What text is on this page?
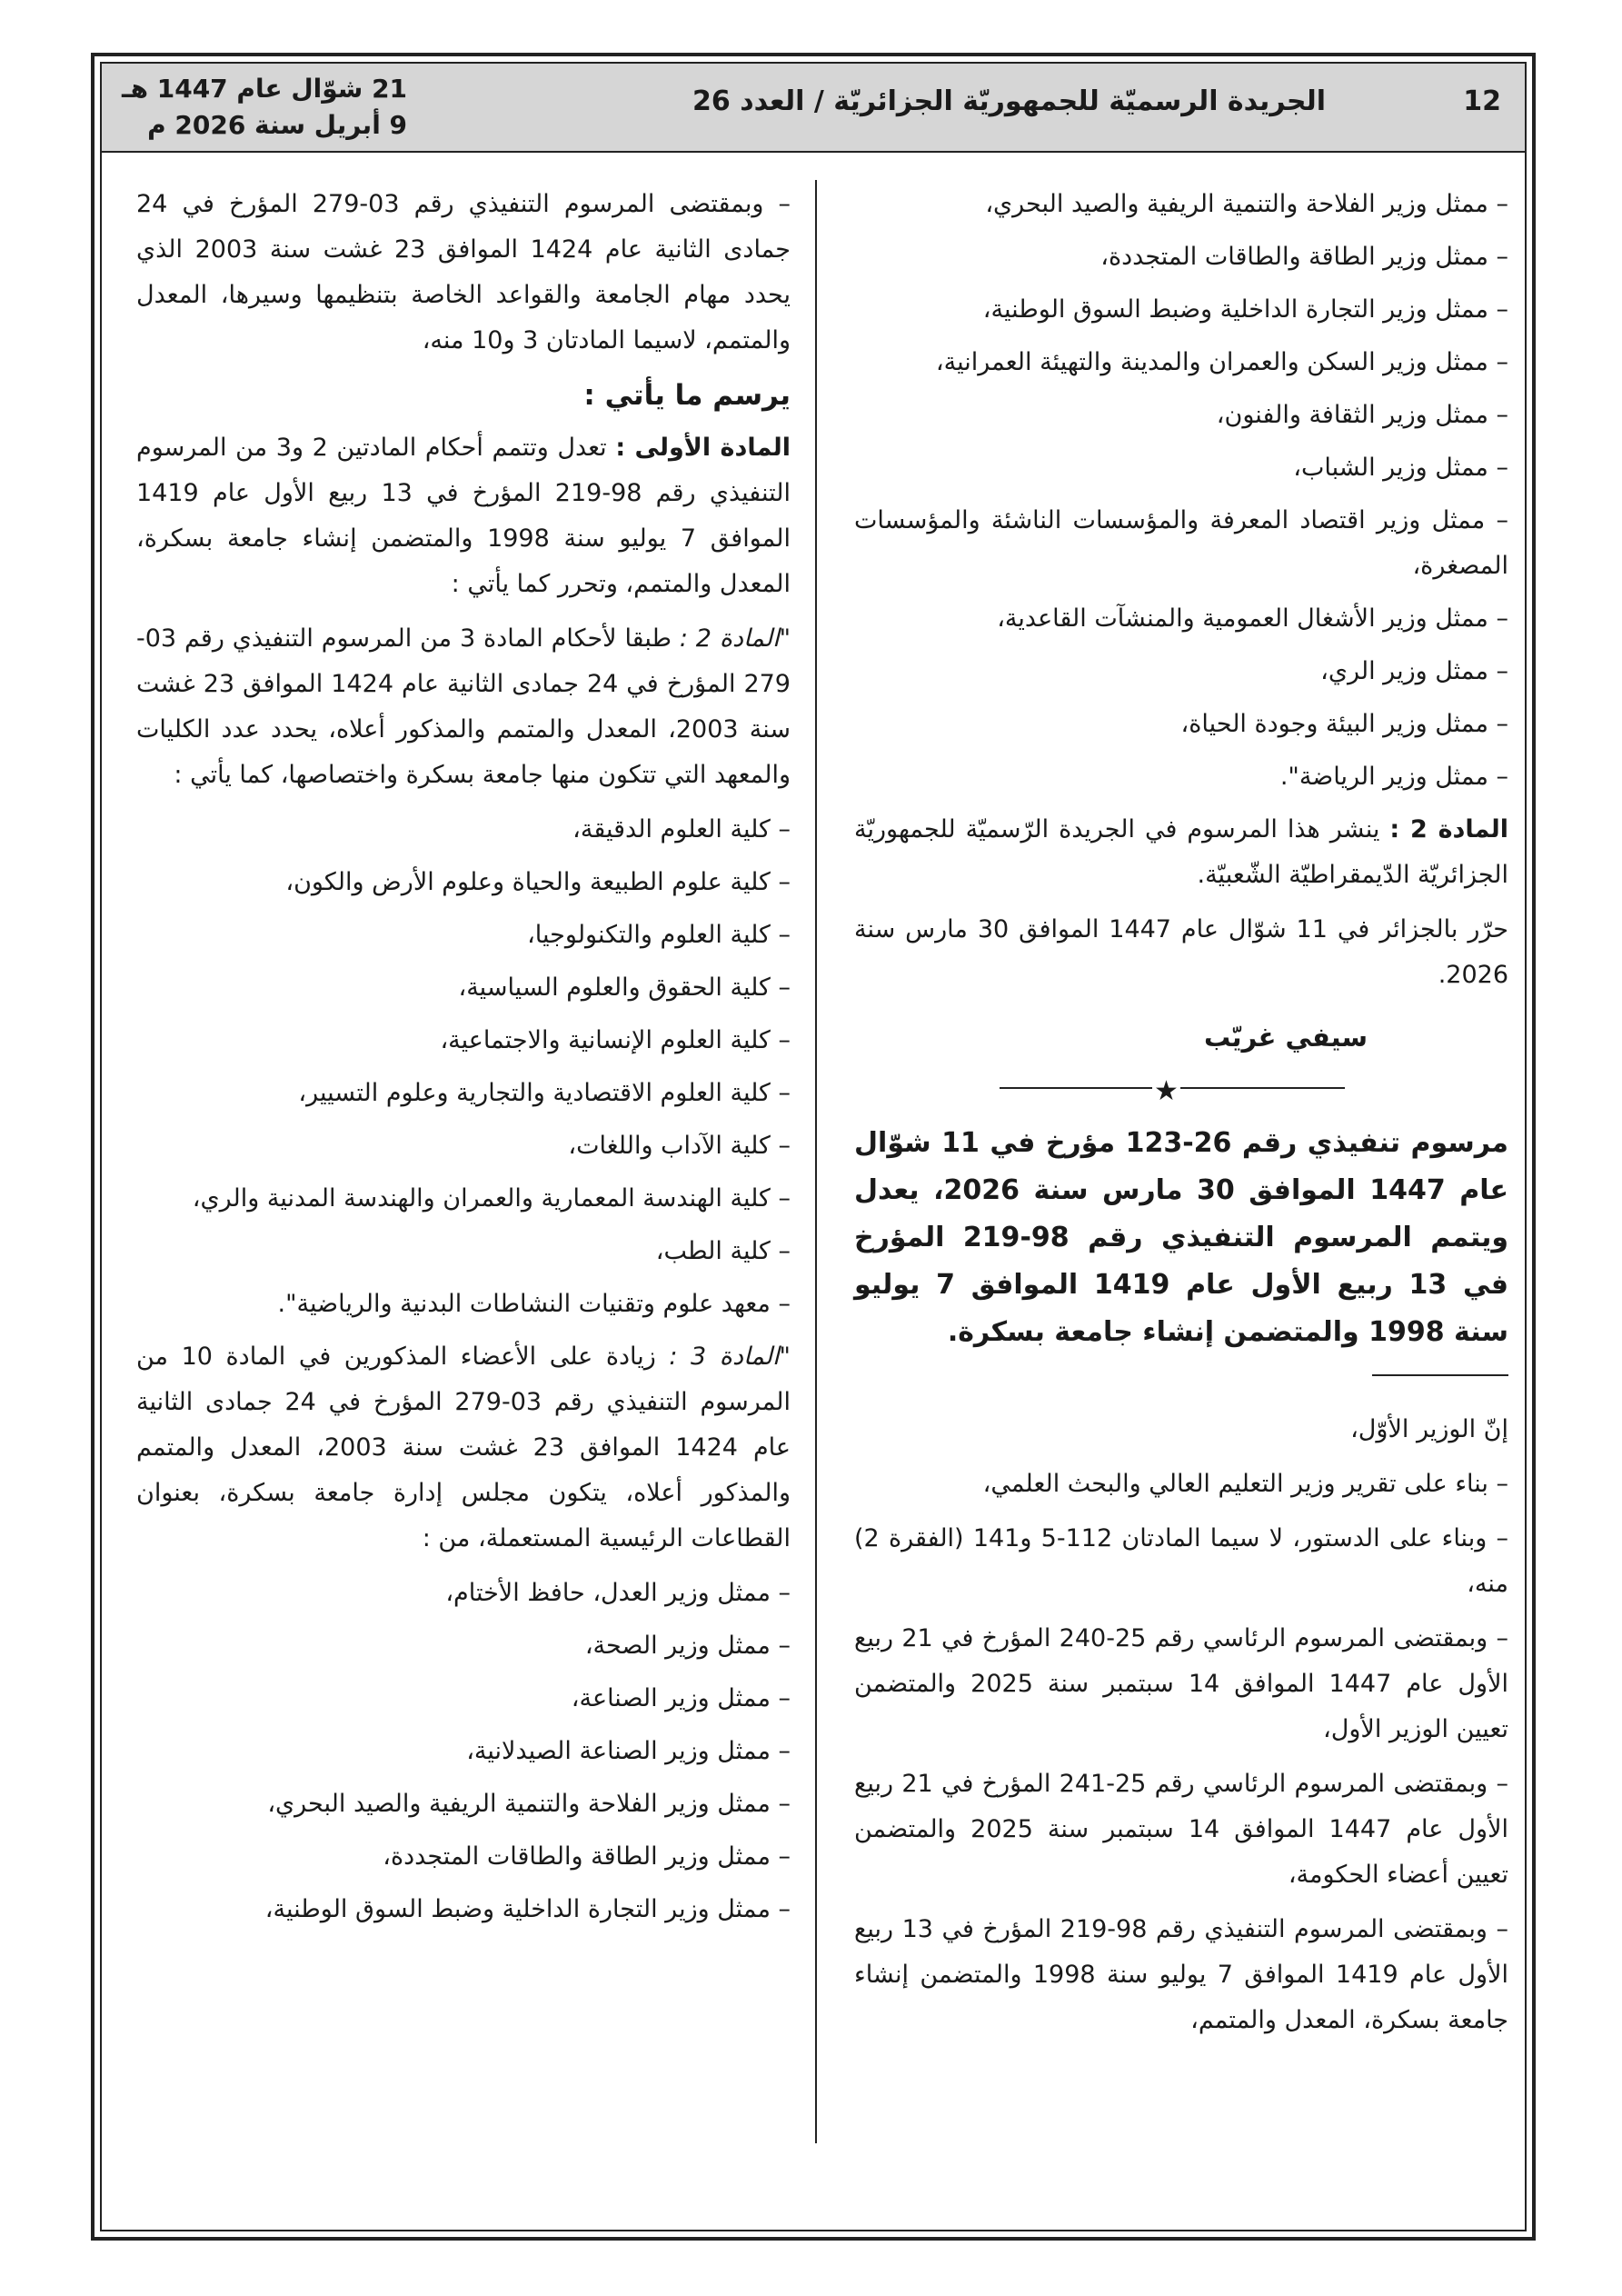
12
الجريدة الرسميّة للجمهوريّة الجزائريّة / العدد 26
21 شوّال عام 1447 هـ
9 أبريل سنة 2026 م
– ممثل وزير الفلاحة والتنمية الريفية والصيد البحري،
– ممثل وزير الطاقة والطاقات المتجددة،
– ممثل وزير التجارة الداخلية وضبط السوق الوطنية،
– ممثل وزير السكن والعمران والمدينة والتهيئة العمرانية،
– ممثل وزير الثقافة والفنون،
– ممثل وزير الشباب،
– ممثل وزير اقتصاد المعرفة والمؤسسات الناشئة والمؤسسات المصغرة،
– ممثل وزير الأشغال العمومية والمنشآت القاعدية،
– ممثل وزير الري،
– ممثل وزير البيئة وجودة الحياة،
– ممثل وزير الرياضة".
المادة 2 : ينشر هذا المرسوم في الجريدة الرّسميّة للجمهوريّة الجزائريّة الدّيمقراطيّة الشّعبيّة.
حرّر بالجزائر في 11 شوّال عام 1447 الموافق 30 مارس سنة 2026.
سيفي غريّب
★
مرسوم تنفيذي رقم 26-123 مؤرخ في 11 شوّال عام 1447 الموافق 30 مارس سنة 2026، يعدل ويتمم المرسوم التنفيذي رقم 98-219 المؤرخ في 13 ربيع الأول عام 1419 الموافق 7 يوليو سنة 1998 والمتضمن إنشاء جامعة بسكرة.
إنّ الوزير الأوّل،
– بناء على تقرير وزير التعليم العالي والبحث العلمي،
– وبناء على الدستور، لا سيما المادتان 112-5 و141 (الفقرة 2) منه،
– وبمقتضى المرسوم الرئاسي رقم 25-240 المؤرخ في 21 ربيع الأول عام 1447 الموافق 14 سبتمبر سنة 2025 والمتضمن تعيين الوزير الأول،
– وبمقتضى المرسوم الرئاسي رقم 25-241 المؤرخ في 21 ربيع الأول عام 1447 الموافق 14 سبتمبر سنة 2025 والمتضمن تعيين أعضاء الحكومة،
– وبمقتضى المرسوم التنفيذي رقم 98-219 المؤرخ في 13 ربيع الأول عام 1419 الموافق 7 يوليو سنة 1998 والمتضمن إنشاء جامعة بسكرة، المعدل والمتمم،
– وبمقتضى المرسوم التنفيذي رقم 03-279 المؤرخ في 24 جمادى الثانية عام 1424 الموافق 23 غشت سنة 2003 الذي يحدد مهام الجامعة والقواعد الخاصة بتنظيمها وسيرها، المعدل والمتمم، لاسيما المادتان 3 و10 منه،
يرسم ما يأتي :
المادة الأولى : تعدل وتتمم أحكام المادتين 2 و3 من المرسوم التنفيذي رقم 98-219 المؤرخ في 13 ربيع الأول عام 1419 الموافق 7 يوليو سنة 1998 والمتضمن إنشاء جامعة بسكرة، المعدل والمتمم، وتحرر كما يأتي :
"المادة 2 : طبقا لأحكام المادة 3 من المرسوم التنفيذي رقم 03-279 المؤرخ في 24 جمادى الثانية عام 1424 الموافق 23 غشت سنة 2003، المعدل والمتمم والمذكور أعلاه، يحدد عدد الكليات والمعهد التي تتكون منها جامعة بسكرة واختصاصها، كما يأتي :
– كلية العلوم الدقيقة،
– كلية علوم الطبيعة والحياة وعلوم الأرض والكون،
– كلية العلوم والتكنولوجيا،
– كلية الحقوق والعلوم السياسية،
– كلية العلوم الإنسانية والاجتماعية،
– كلية العلوم الاقتصادية والتجارية وعلوم التسيير،
– كلية الآداب واللغات،
– كلية الهندسة المعمارية والعمران والهندسة المدنية والري،
– كلية الطب،
– معهد علوم وتقنيات النشاطات البدنية والرياضية".
"المادة 3 : زيادة على الأعضاء المذكورين في المادة 10 من المرسوم التنفيذي رقم 03-279 المؤرخ في 24 جمادى الثانية عام 1424 الموافق 23 غشت سنة 2003، المعدل والمتمم والمذكور أعلاه، يتكون مجلس إدارة جامعة بسكرة، بعنوان القطاعات الرئيسية المستعملة، من :
– ممثل وزير العدل، حافظ الأختام،
– ممثل وزير الصحة،
– ممثل وزير الصناعة،
– ممثل وزير الصناعة الصيدلانية،
– ممثل وزير الفلاحة والتنمية الريفية والصيد البحري،
– ممثل وزير الطاقة والطاقات المتجددة،
– ممثل وزير التجارة الداخلية وضبط السوق الوطنية،
